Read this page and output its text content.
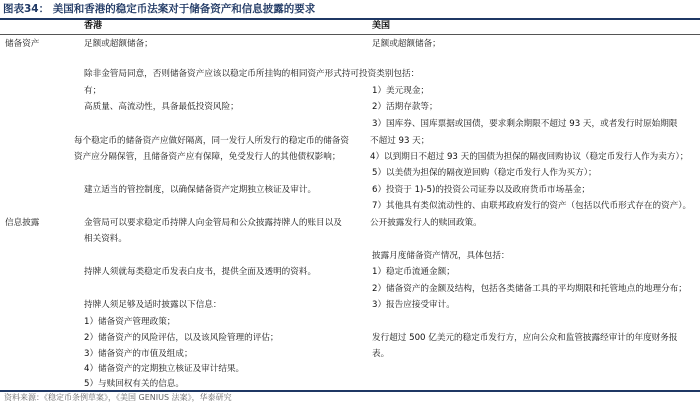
图表34： 美国和香港的稳定币法案对于储备资产和信息披露的要求
香港	美国
储备资产
信息披露
足额或超额储备；
除非金管局同意，否则储备资产应该以稳定币所挂钩的相同资产形式持可投资类别包括：
有；
高质量、高流动性，具备最低投资风险；
每个稳定币的储备资产应做好隔离，同一发行人所发行的稳定币的储备资
资产应分隔保管，且储备资产应有保障，免受发行人的其他债权影响；
建立适当的管控制度，以确保储备资产定期独立核证及审计。
足额或超额储备；
1）美元现金；
2）活期存款等；
3）国库券、国库票据或国债，要求剩余期限不超过 93 天，或者发行时原始期限
不超过 93 天；
4）以到期日不超过 93 天的国债为担保的隔夜回购协议（稳定币发行人作为卖方）；
5）以美债为担保的隔夜逆回购（稳定币发行人作为买方）；
6）投资于 1)-5)的投资公司证券以及政府货币市场基金；
7）其他具有类似流动性的、由联邦政府发行的资产（包括以代币形式存在的资产）。
金管局可以要求稳定币持牌人向金管局和公众披露持牌人的账目以及
相关资料。
持牌人须就每类稳定币发表白皮书，提供全面及透明的资料。
持牌人须足够及适时披露以下信息：
1）储备资产管理政策；
2）储备资产的风险评估，以及该风险管理的评估；
3）储备资产的市值及组成；
4）储备资产的定期独立核证及审计结果。
5）与赎回权有关的信息。
公开披露发行人的赎回政策。
披露月度储备资产情况，具体包括：
1）稳定币流通金额；
2）储备资产的金额及结构，包括各类储备工具的平均期限和托管地点的地理分布；
3）报告应接受审计。
发行超过 500 亿美元的稳定币发行方，应向公众和监管披露经审计的年度财务报
表。
资料来源：《稳定币条例草案》，《美国 GENIUS 法案》，华泰研究
